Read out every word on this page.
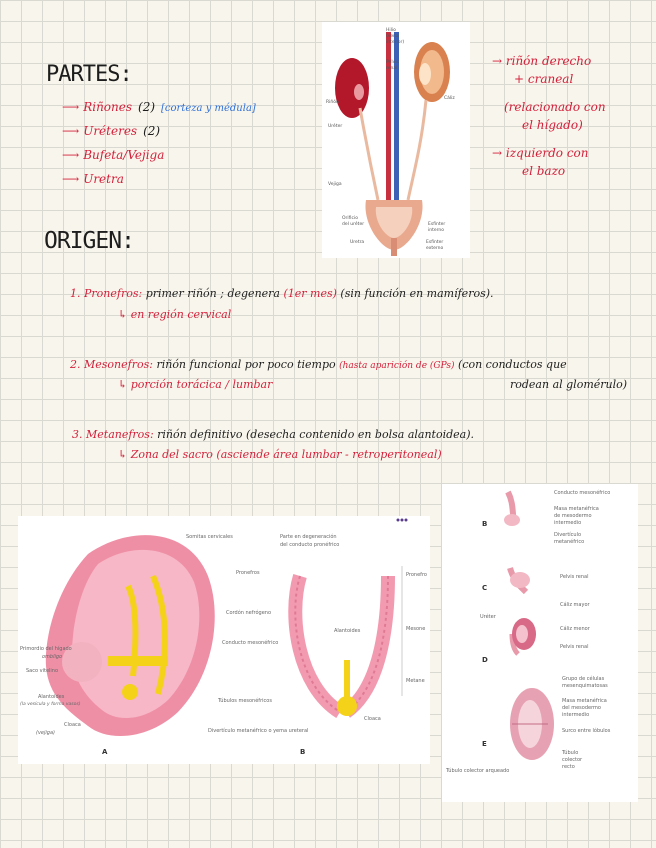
PARTES:
⟶ Riñones (2) [corteza y médula]
⟶ Uréteres (2)
⟶ Bufeta/Vejiga
⟶ Uretra
Hilio
(vena
interior)
Pelvis
renal
Riñón
Cáliz
Uréter
Vejiga
Orificio
del uréter	Esfínter
interno
Uretra	Esfínter
externo
→ riñón derecho
+ craneal
(relacionado con
el hígado)
→ izquierdo con
el bazo
ORIGEN:
1. Pronefros: primer riñón ; degenera (1er mes) (sin función en mamíferos).
↳ en región cervical
2. Mesonefros: riñón funcional por poco tiempo (hasta aparición de (GPs) (con conductos que
↳ porción torácica / lumbar	rodean al glomérulo)
3. Metanefros: riñón definitivo (desecha contenido en bolsa alantoidea).
↳ Zona del sacro (asciende área lumbar - retroperitoneal)
Somitas cervicales	Parte en degeneración
del conducto pronéfrico
Pronefros
Cordón nefrógeno
Conducto mesonéfrico
Primordio del hígado
ombligo
Saco vitelino
Alantoides
(la vesícula y forma vasos)
Cloaca
(vejiga)
Túbulos mesonéfricos
Divertículo metanéfrico o yema ureteral
Alantoides
Cloaca
Pronefro
Mesone
Metane
A	B
Conducto mesonéfrico
Masa metanéfrica
de mesodermo
intermedio
Divertículo
metanéfrico
Pelvis renal
Uréter
Cáliz mayor
Cáliz menor
Pelvis renal
Grupo de células
mesenquimatosas
Masa metanéfrica
del mesodermo
intermedio
Surco entre lóbulos
Túbulo
colector
recto
Túbulo colector arqueado
B
C
D
E
